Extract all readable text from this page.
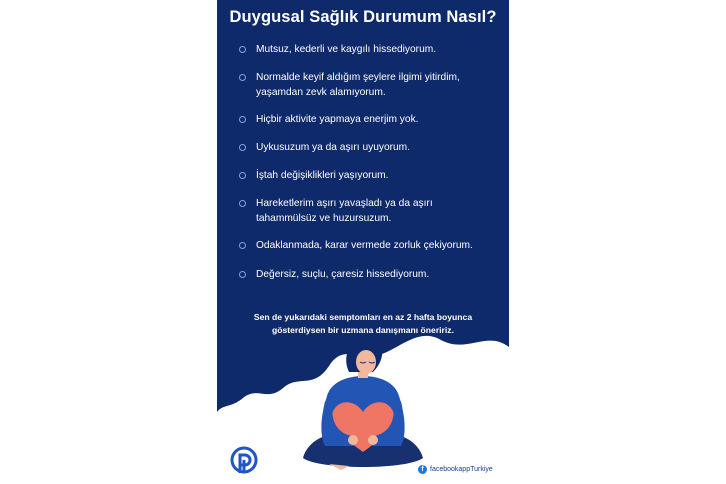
Duygusal Sağlık Durumum Nasıl?
Mutsuz, kederli ve kaygılı hissediyorum.
Normalde keyif aldığım şeylere ilgimi yitirdim, yaşamdan zevk alamıyorum.
Hiçbir aktivite yapmaya enerjim yok.
Uykusuzum ya da aşırı uyuyorum.
İştah değişiklikleri yaşıyorum.
Hareketlerim aşırı yavaşladı ya da aşırı tahammülsüz ve huzursuzum.
Odaklanmada, karar vermede zorluk çekiyorum.
Değersiz, suçlu, çaresiz hissediyorum.

Sen de yukarıdaki semptomları en az 2 hafta boyunca gösterdiysen bir uzmana danışmanı öneririz.

f facebookappTurkiye
